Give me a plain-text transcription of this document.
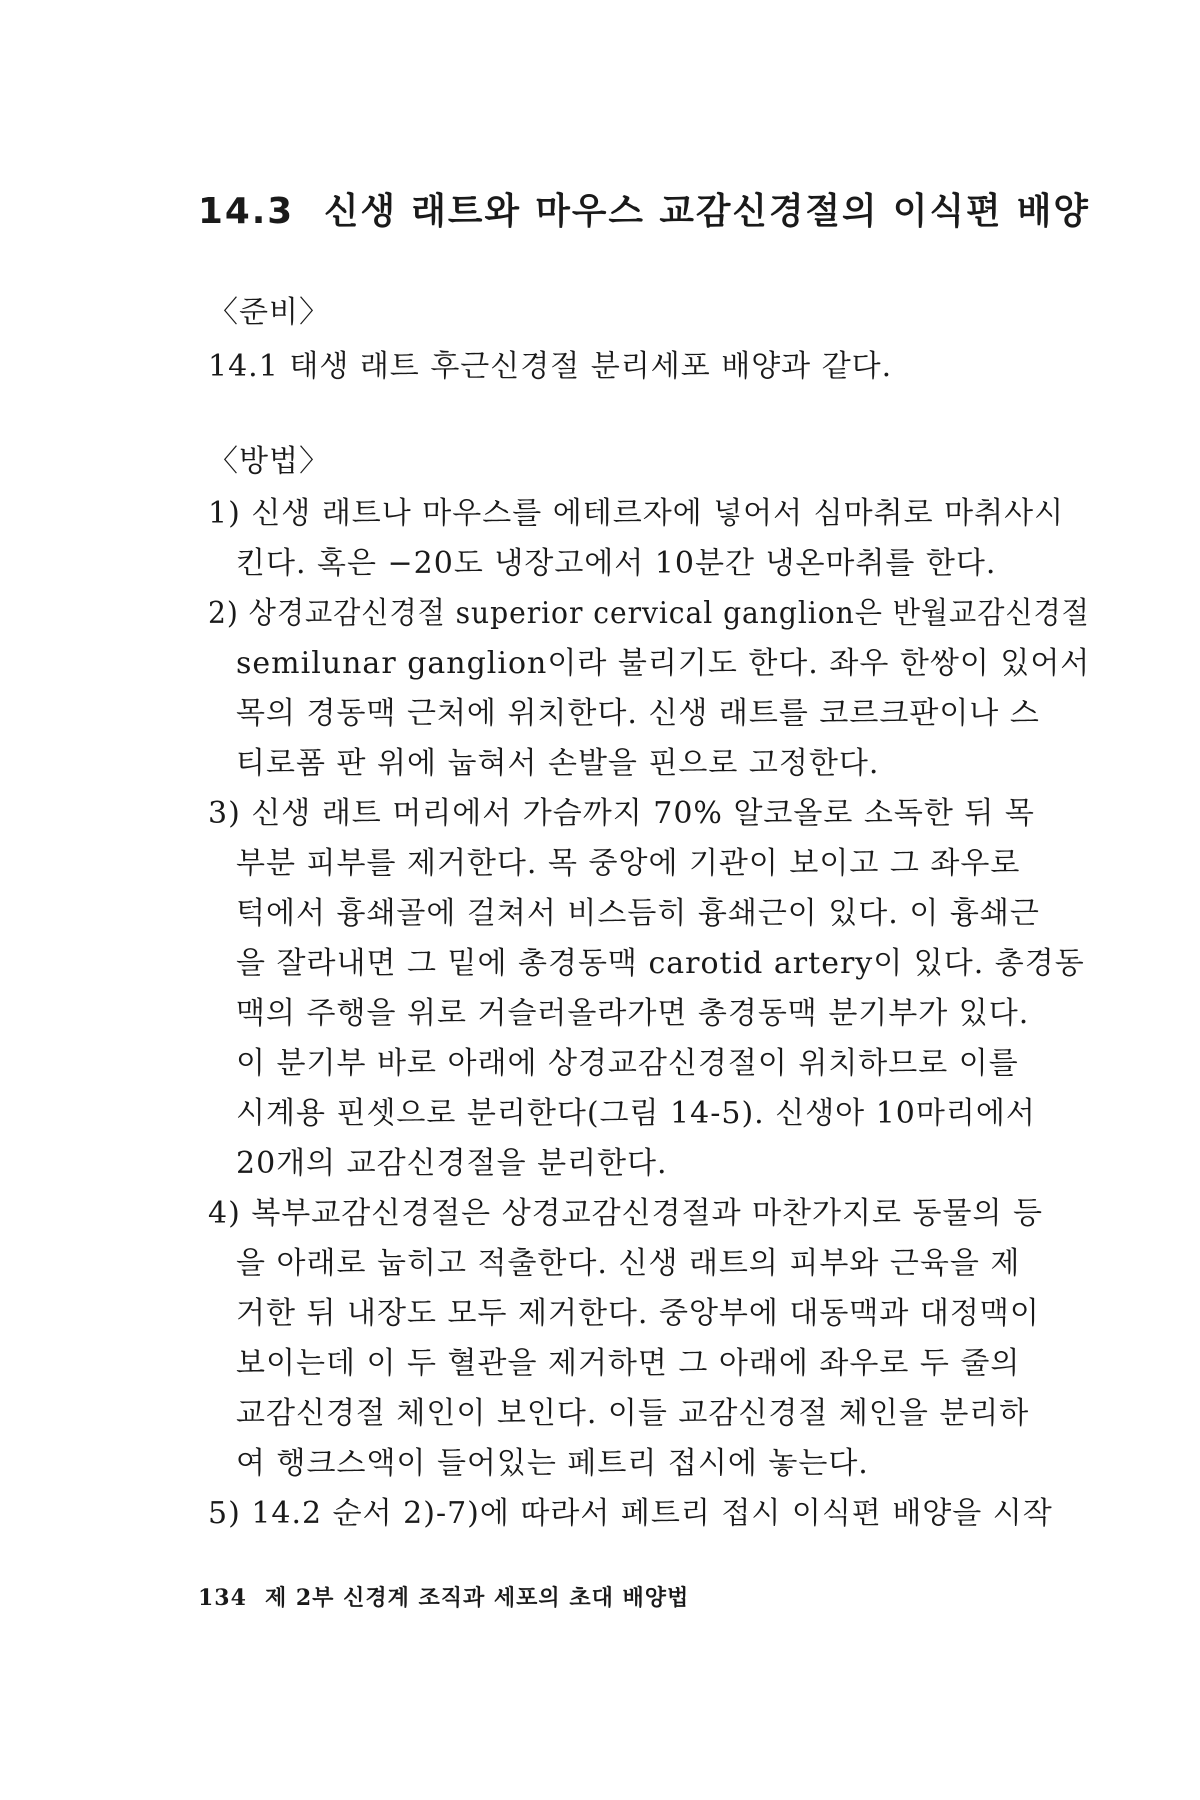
14.3 신생 래트와 마우스 교감신경절의 이식편 배양
〈준비〉
14.1 태생 래트 후근신경절 분리세포 배양과 같다.
〈방법〉
1) 신생 래트나 마우스를 에테르자에 넣어서 심마취로 마취사시
킨다. 혹은 −20도 냉장고에서 10분간 냉온마취를 한다.
2) 상경교감신경절 superior cervical ganglion은 반월교감신경절
semilunar ganglion이라 불리기도 한다. 좌우 한쌍이 있어서
목의 경동맥 근처에 위치한다. 신생 래트를 코르크판이나 스
티로폼 판 위에 눕혀서 손발을 핀으로 고정한다.
3) 신생 래트 머리에서 가슴까지 70% 알코올로 소독한 뒤 목
부분 피부를 제거한다. 목 중앙에 기관이 보이고 그 좌우로
턱에서 흉쇄골에 걸쳐서 비스듬히 흉쇄근이 있다. 이 흉쇄근
을 잘라내면 그 밑에 총경동맥 carotid artery이 있다. 총경동
맥의 주행을 위로 거슬러올라가면 총경동맥 분기부가 있다.
이 분기부 바로 아래에 상경교감신경절이 위치하므로 이를
시계용 핀셋으로 분리한다(그림 14-5). 신생아 10마리에서
20개의 교감신경절을 분리한다.
4) 복부교감신경절은 상경교감신경절과 마찬가지로 동물의 등
을 아래로 눕히고 적출한다. 신생 래트의 피부와 근육을 제
거한 뒤 내장도 모두 제거한다. 중앙부에 대동맥과 대정맥이
보이는데 이 두 혈관을 제거하면 그 아래에 좌우로 두 줄의
교감신경절 체인이 보인다. 이들 교감신경절 체인을 분리하
여 행크스액이 들어있는 페트리 접시에 놓는다.
5) 14.2 순서 2)-7)에 따라서 페트리 접시 이식편 배양을 시작
134 제 2부 신경계 조직과 세포의 초대 배양법
